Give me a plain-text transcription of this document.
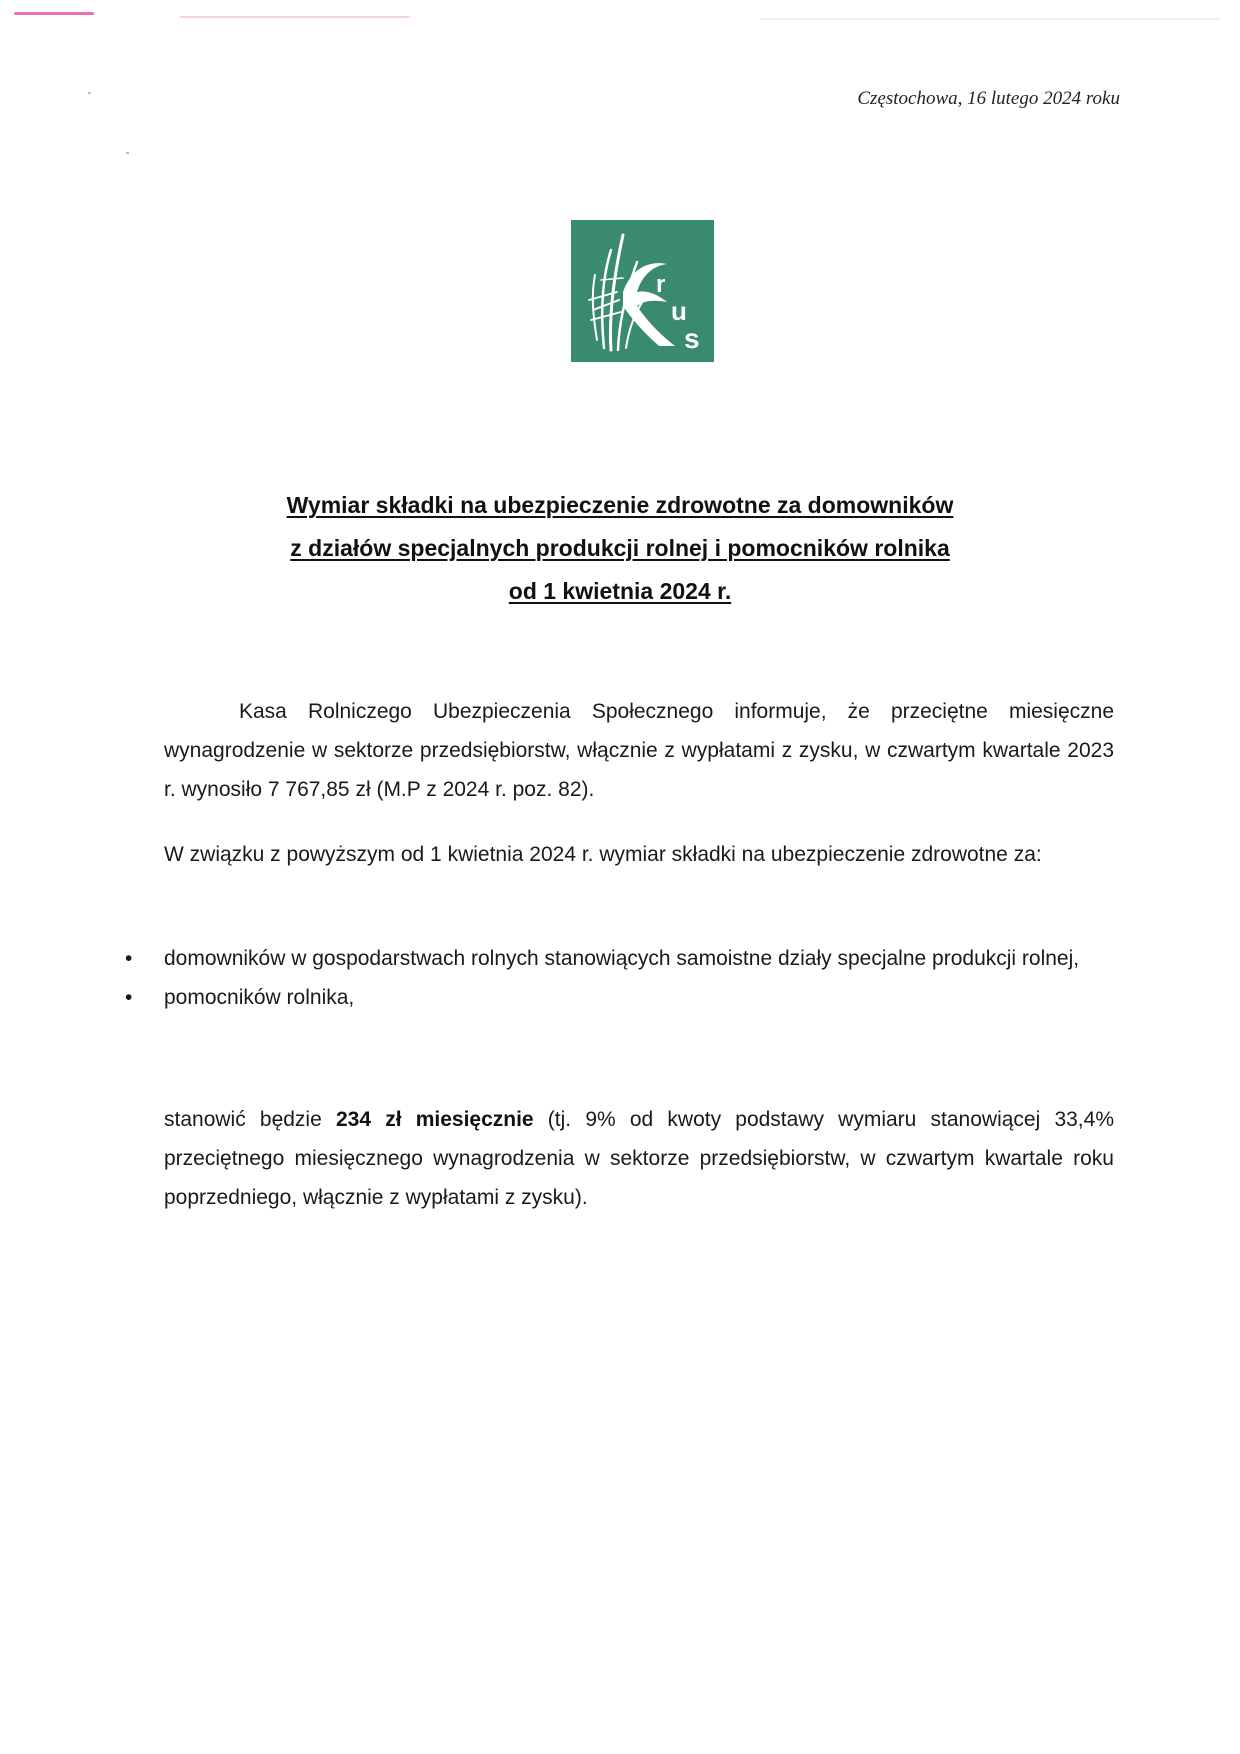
Częstochowa, 16 lutego 2024 roku
r
u
s
Wymiar składki na ubezpieczenie zdrowotne za domowników
z działów specjalnych produkcji rolnej i pomocników rolnika
od 1 kwietnia 2024 r.

Kasa Rolniczego Ubezpieczenia Społecznego informuje, że przeciętne miesięczne wynagrodzenie w sektorze przedsiębiorstw, włącznie z wypłatami z zysku, w czwartym kwartale 2023 r. wynosiło 7 767,85 zł (M.P z 2024 r. poz. 82).

W związku z powyższym od 1 kwietnia 2024 r. wymiar składki na ubezpieczenie zdrowotne za:

• domowników w gospodarstwach rolnych stanowiących samoistne działy specjalne produkcji rolnej,
• pomocników rolnika,

stanowić będzie 234 zł miesięcznie (tj. 9% od kwoty podstawy wymiaru stanowiącej 33,4% przeciętnego miesięcznego wynagrodzenia w sektorze przedsiębiorstw, w czwartym kwartale roku poprzedniego, włącznie z wypłatami z zysku).
